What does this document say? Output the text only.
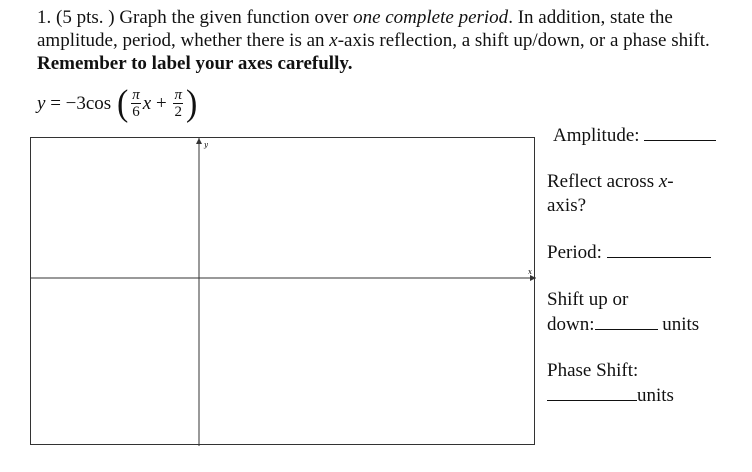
1. (5 pts. ) Graph the given function over one complete period. In addition, state the amplitude, period, whether there is an x-axis reflection, a shift up/down, or a phase shift. Remember to label your axes carefully.
y = −3cos ( $\frac{\pi}{6}$ $x + \frac{\pi}{2}$ )
y
x
Amplitude:
Reflect across x-
axis?
Period:
Shift up or
down:	units
Phase Shift:
units
